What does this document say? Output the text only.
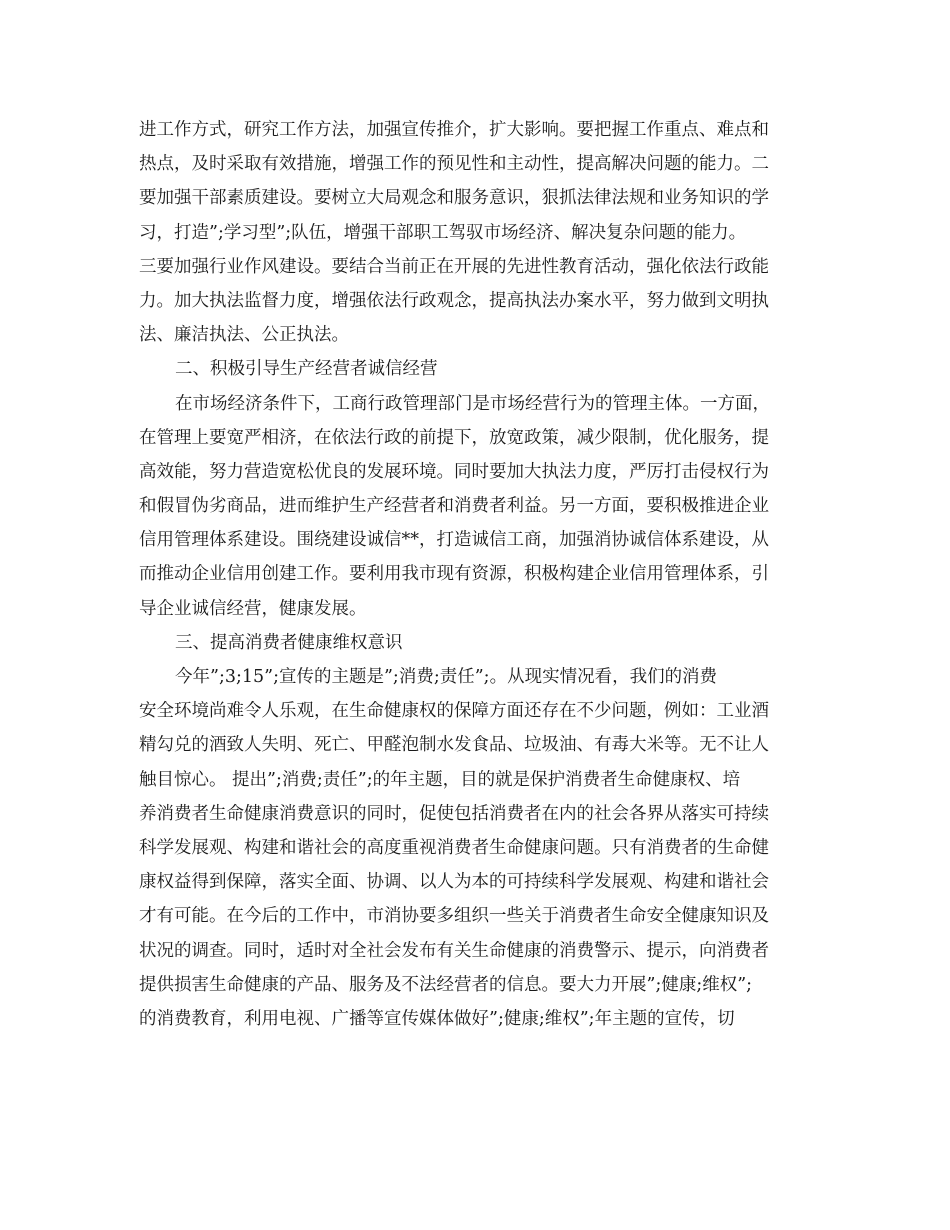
进工作方式，研究工作方法，加强宣传推介，扩大影响。要把握工作重点、难点和
热点，及时采取有效措施，增强工作的预见性和主动性，提高解决问题的能力。二
要加强干部素质建设。要树立大局观念和服务意识，狠抓法律法规和业务知识的学
习，打造”;学习型”;队伍，增强干部职工驾驭市场经济、解决复杂问题的能力。
三要加强行业作风建设。要结合当前正在开展的先进性教育活动，强化依法行政能
力。加大执法监督力度，增强依法行政观念，提高执法办案水平，努力做到文明执
法、廉洁执法、公正执法。
二、积极引导生产经营者诚信经营
在市场经济条件下，工商行政管理部门是市场经营行为的管理主体。一方面，
在管理上要宽严相济，在依法行政的前提下，放宽政策，减少限制，优化服务，提
高效能，努力营造宽松优良的发展环境。同时要加大执法力度，严厉打击侵权行为
和假冒伪劣商品，进而维护生产经营者和消费者利益。另一方面，要积极推进企业
信用管理体系建设。围绕建设诚信**，打造诚信工商，加强消协诚信体系建设，从
而推动企业信用创建工作。要利用我市现有资源，积极构建企业信用管理体系，引
导企业诚信经营，健康发展。
三、提高消费者健康维权意识
今年”;3;15”;宣传的主题是”;消费;责任”;。从现实情况看，我们的消费
安全环境尚难令人乐观，在生命健康权的保障方面还存在不少问题，例如：工业酒
精勾兑的酒致人失明、死亡、甲醛泡制水发食品、垃圾油、有毒大米等。无不让人
触目惊心。 提出”;消费;责任”;的年主题，目的就是保护消费者生命健康权、培
养消费者生命健康消费意识的同时，促使包括消费者在内的社会各界从落实可持续
科学发展观、构建和谐社会的高度重视消费者生命健康问题。只有消费者的生命健
康权益得到保障，落实全面、协调、以人为本的可持续科学发展观、构建和谐社会
才有可能。在今后的工作中，市消协要多组织一些关于消费者生命安全健康知识及
状况的调查。同时，适时对全社会发布有关生命健康的消费警示、提示，向消费者
提供损害生命健康的产品、服务及不法经营者的信息。要大力开展”;健康;维权”;
的消费教育，利用电视、广播等宣传媒体做好”;健康;维权”;年主题的宣传，切
